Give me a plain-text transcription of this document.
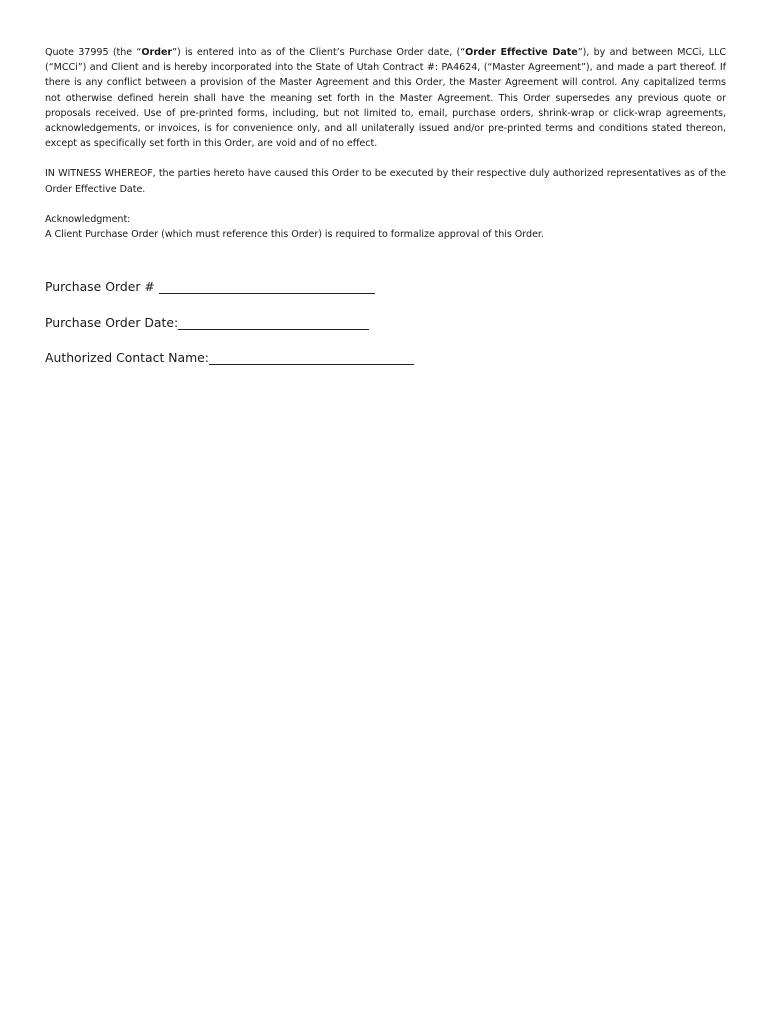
Quote 37995 (the “Order”) is entered into as of the Client’s Purchase Order date, (“Order Effective Date”), by and between MCCi, LLC (“MCCi”) and Client and is hereby incorporated into the State of Utah Contract #: PA4624, (“Master Agreement”), and made a part thereof. If there is any conflict between a provision of the Master Agreement and this Order, the Master Agreement will control. Any capitalized terms not otherwise defined herein shall have the meaning set forth in the Master Agreement. This Order supersedes any previous quote or proposals received. Use of pre-printed forms, including, but not limited to, email, purchase orders, shrink-wrap or click-wrap agreements, acknowledgements, or invoices, is for convenience only, and all unilaterally issued and/or pre-printed terms and conditions stated thereon, except as specifically set forth in this Order, are void and of no effect.

IN WITNESS WHEREOF, the parties hereto have caused this Order to be executed by their respective duly authorized representatives as of the Order Effective Date.

Acknowledgment:

A Client Purchase Order (which must reference this Order) is required to formalize approval of this Order.

Purchase Order #
Purchase Order Date:
Authorized Contact Name:
